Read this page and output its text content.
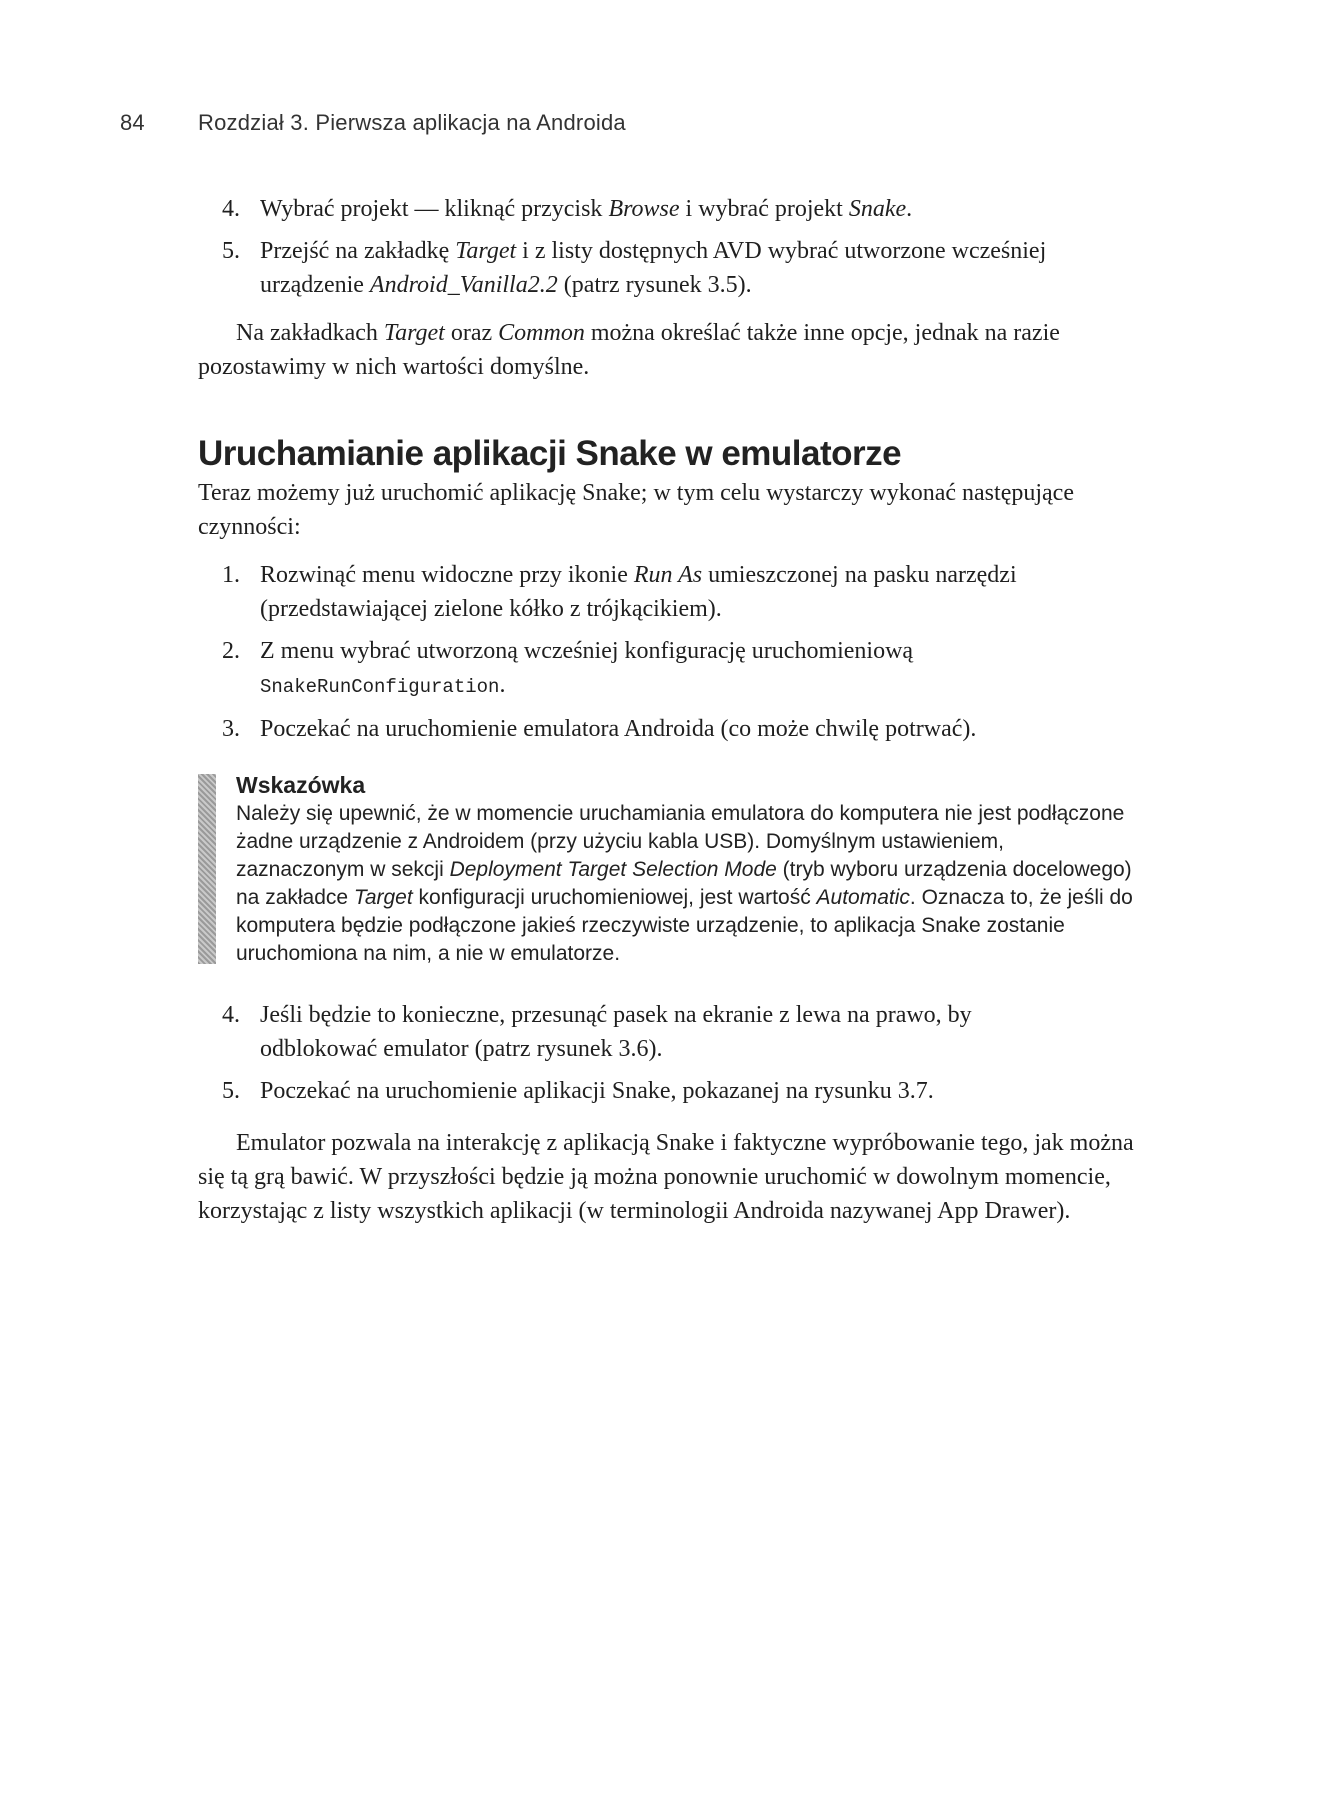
84 Rozdział 3. Pierwsza aplikacja na Androida
4. Wybrać projekt — kliknąć przycisk Browse i wybrać projekt Snake.
5. Przejść na zakładkę Target i z listy dostępnych AVD wybrać utworzone wcześniej urządzenie Android_Vanilla2.2 (patrz rysunek 3.5).

Na zakładkach Target oraz Common można określać także inne opcje, jednak na razie pozostawimy w nich wartości domyślne.

Uruchamianie aplikacji Snake w emulatorze

Teraz możemy już uruchomić aplikację Snake; w tym celu wystarczy wykonać następujące czynności:

1. Rozwinąć menu widoczne przy ikonie Run As umieszczonej na pasku narzędzi (przedstawiającej zielone kółko z trójkącikiem).
2. Z menu wybrać utworzoną wcześniej konfigurację uruchomieniową SnakeRunConfiguration.
3. Poczekać na uruchomienie emulatora Androida (co może chwilę potrwać).
Wskazówka

Należy się upewnić, że w momencie uruchamiania emulatora do komputera nie jest podłączone żadne urządzenie z Androidem (przy użyciu kabla USB). Domyślnym ustawieniem, zaznaczonym w sekcji Deployment Target Selection Mode (tryb wyboru urządzenia docelowego) na zakładce Target konfiguracji uruchomieniowej, jest wartość Automatic. Oznacza to, że jeśli do komputera będzie podłączone jakieś rzeczywiste urządzenie, to aplikacja Snake zostanie uruchomiona na nim, a nie w emulatorze.

4. Jeśli będzie to konieczne, przesunąć pasek na ekranie z lewa na prawo, by odblokować emulator (patrz rysunek 3.6).
5. Poczekać na uruchomienie aplikacji Snake, pokazanej na rysunku 3.7.

Emulator pozwala na interakcję z aplikacją Snake i faktyczne wypróbowanie tego, jak można się tą grą bawić. W przyszłości będzie ją można ponownie uruchomić w dowolnym momencie, korzystając z listy wszystkich aplikacji (w terminologii Androida nazywanej App Drawer).
